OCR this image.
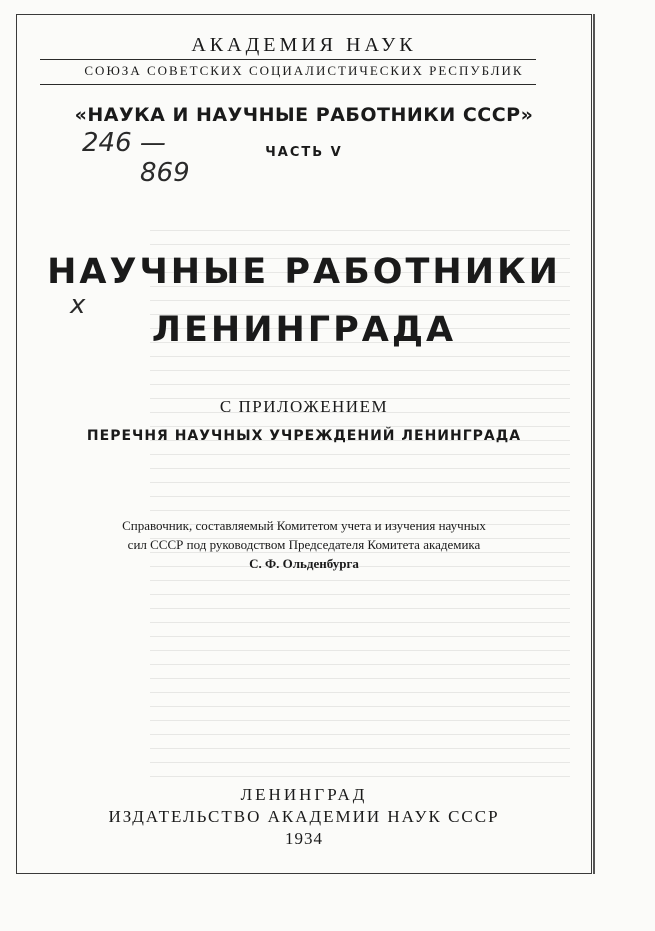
АКАДЕМИЯ НАУК
СОЮЗА СОВЕТСКИХ СОЦИАЛИСТИЧЕСКИХ РЕСПУБЛИК
«НАУКА И НАУЧНЫЕ РАБОТНИКИ СССР»
ЧАСТЬ V
246 —
869
x
НАУЧНЫЕ РАБОТНИКИ
ЛЕНИНГРАДА
С ПРИЛОЖЕНИЕМ
ПЕРЕЧНЯ НАУЧНЫХ УЧРЕЖДЕНИЙ ЛЕНИНГРАДА
Справочник, составляемый Комитетом учета и изучения научных
сил СССР под руководством Председателя Комитета академика
С. Ф. Ольденбурга
ЛЕНИНГРАД
ИЗДАТЕЛЬСТВО АКАДЕМИИ НАУК СССР
1934
